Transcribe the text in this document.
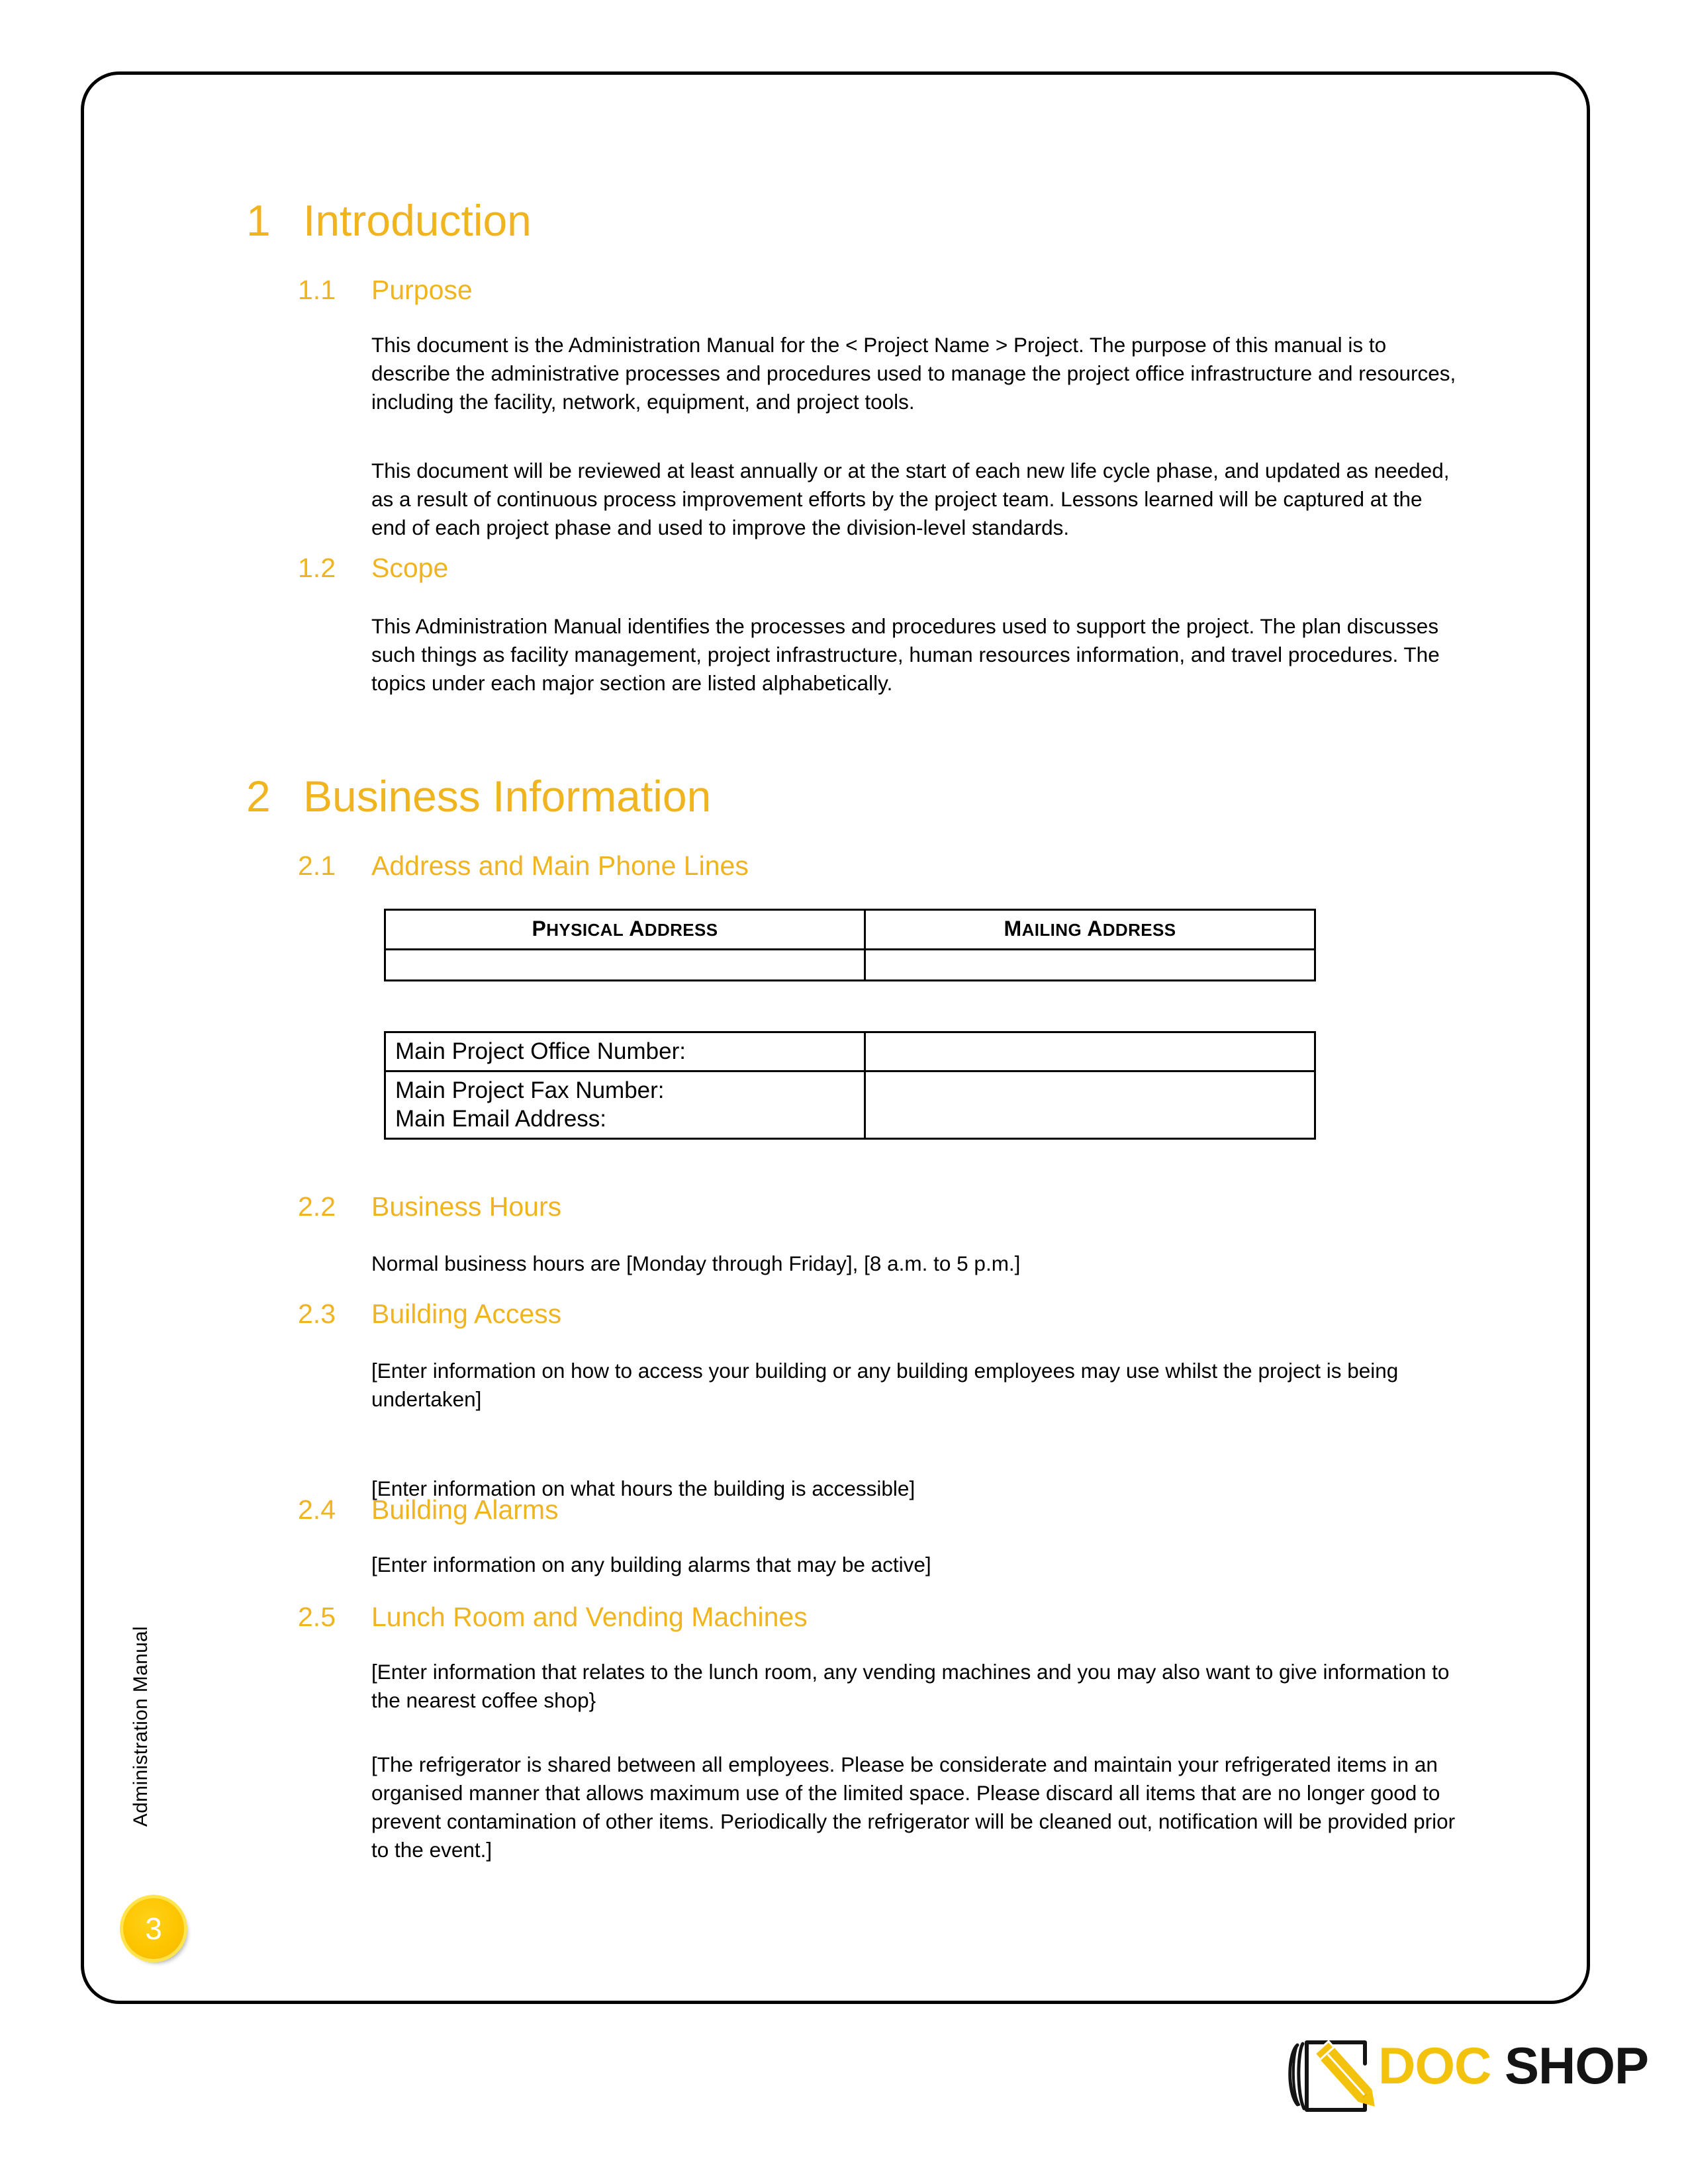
Administration Manual
3
1 Introduction
1.1	Purpose
This document is the Administration Manual for the < Project Name > Project. The purpose of this manual is to describe the administrative processes and procedures used to manage the project office infrastructure and resources, including the facility, network, equipment, and project tools.
This document will be reviewed at least annually or at the start of each new life cycle phase, and updated as needed, as a result of continuous process improvement efforts by the project team. Lessons learned will be captured at the end of each project phase and used to improve the division-level standards.
1.2	Scope
This Administration Manual identifies the processes and procedures used to support the project. The plan discusses such things as facility management, project infrastructure, human resources information, and travel procedures. The topics under each major section are listed alphabetically.
2 Business Information
2.1	Address and Main Phone Lines
PHYSICAL ADDRESS	MAILING ADDRESS

Main Project Office Number:	

Main Project Fax Number:
Main Email Address:	

2.2	Business Hours
Normal business hours are [Monday through Friday], [8 a.m. to 5 p.m.]
2.3	Building Access
[Enter information on how to access your building or any building employees may use whilst the project is being undertaken]
[Enter information on what hours the building is accessible]
2.4	Building Alarms
[Enter information on any building alarms that may be active]
2.5	Lunch Room and Vending Machines
[Enter information that relates to the lunch room, any vending machines and you may also want to give information to the nearest coffee shop}
[The refrigerator is shared between all employees. Please be considerate and maintain your refrigerated items in an organised manner that allows maximum use of the limited space. Please discard all items that are no longer good to prevent contamination of other items. Periodically the refrigerator will be cleaned out, notification will be provided prior to the event.]
DOC SHOP
